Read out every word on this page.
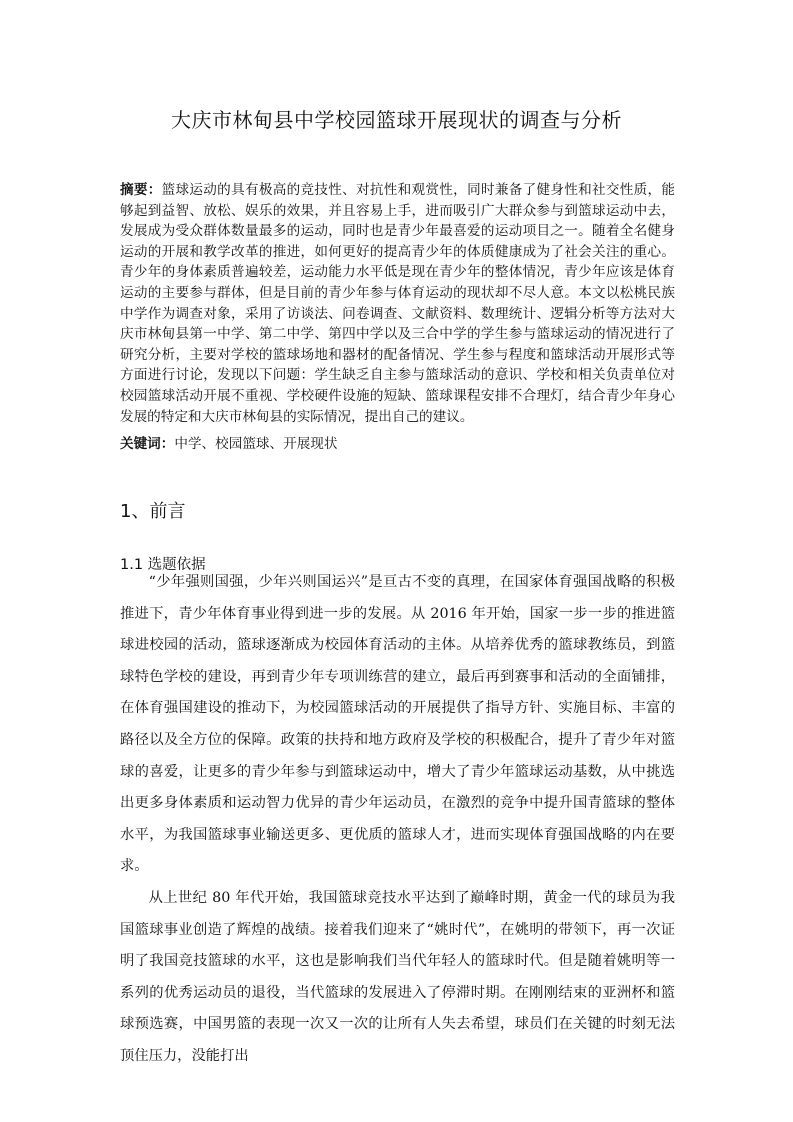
大庆市林甸县中学校园篮球开展现状的调查与分析
摘要：篮球运动的具有极高的竞技性、对抗性和观赏性，同时兼备了健身性和社交性质，能够起到益智、放松、娱乐的效果，并且容易上手，进而吸引广大群众参与到篮球运动中去，发展成为受众群体数量最多的运动，同时也是青少年最喜爱的运动项目之一。随着全名健身运动的开展和教学改革的推进，如何更好的提高青少年的体质健康成为了社会关注的重心。青少年的身体素质普遍较差，运动能力水平低是现在青少年的整体情况，青少年应该是体育运动的主要参与群体，但是目前的青少年参与体育运动的现状却不尽人意。本文以松桃民族中学作为调查对象，采用了访谈法、问卷调查、文献资料、数理统计、逻辑分析等方法对大庆市林甸县第一中学、第二中学、第四中学以及三合中学的学生参与篮球运动的情况进行了研究分析，主要对学校的篮球场地和器材的配备情况、学生参与程度和篮球活动开展形式等方面进行讨论，发现以下问题：学生缺乏自主参与篮球活动的意识、学校和相关负责单位对校园篮球活动开展不重视、学校硬件设施的短缺、篮球课程安排不合理灯，结合青少年身心发展的特定和大庆市林甸县的实际情况，提出自己的建议。
关键词：中学、校园篮球、开展现状
1、前言
1.1 选题依据

“少年强则国强，少年兴则国运兴”是亘古不变的真理，在国家体育强国战略的积极推进下，青少年体育事业得到进一步的发展。从 2016 年开始，国家一步一步的推进篮球进校园的活动，篮球逐渐成为校园体育活动的主体。从培养优秀的篮球教练员，到篮球特色学校的建设，再到青少年专项训练营的建立，最后再到赛事和活动的全面铺排，在体育强国建设的推动下，为校园篮球活动的开展提供了指导方针、实施目标、丰富的路径以及全方位的保障。政策的扶持和地方政府及学校的积极配合，提升了青少年对篮球的喜爱，让更多的青少年参与到篮球运动中，增大了青少年篮球运动基数，从中挑选出更多身体素质和运动智力优异的青少年运动员，在激烈的竞争中提升国青篮球的整体水平，为我国篮球事业输送更多、更优质的篮球人才，进而实现体育强国战略的内在要求。

从上世纪 80 年代开始，我国篮球竞技水平达到了巅峰时期，黄金一代的球员为我国篮球事业创造了辉煌的战绩。接着我们迎来了“姚时代”，在姚明的带领下，再一次证明了我国竞技篮球的水平，这也是影响我们当代年轻人的篮球时代。但是随着姚明等一系列的优秀运动员的退役，当代篮球的发展进入了停滞时期。在刚刚结束的亚洲杯和篮球预选赛，中国男篮的表现一次又一次的让所有人失去希望，球员们在关键的时刻无法顶住压力，没能打出
